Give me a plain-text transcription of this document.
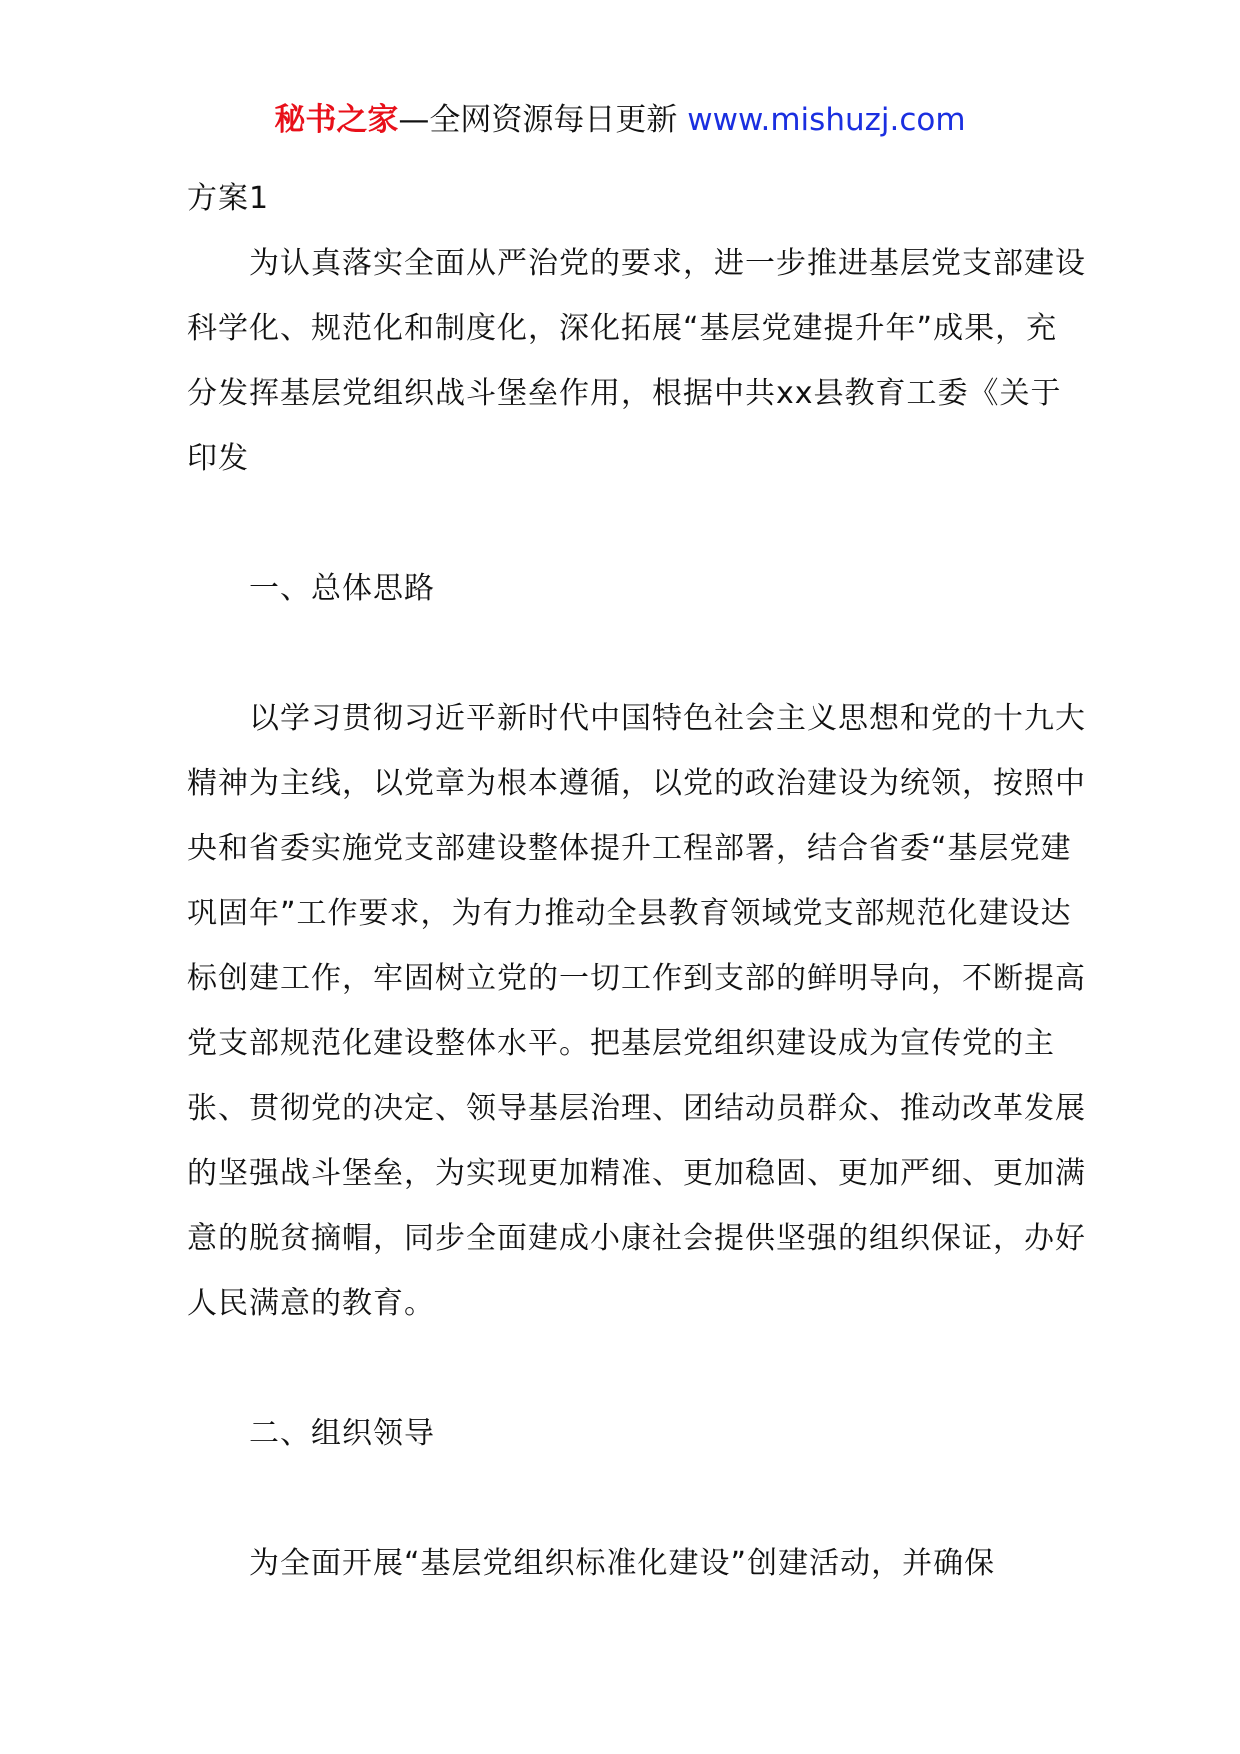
秘书之家—全网资源每日更新 www.mishuzj.com

方案1

为认真落实全面从严治党的要求，进一步推进基层党支部建设科学化、规范化和制度化，深化拓展“基层党建提升年”成果，充分发挥基层党组织战斗堡垒作用，根据中共xx县教育工委《关于印发

一、总体思路

以学习贯彻习近平新时代中国特色社会主义思想和党的十九大精神为主线，以党章为根本遵循，以党的政治建设为统领，按照中央和省委实施党支部建设整体提升工程部署，结合省委“基层党建巩固年”工作要求，为有力推动全县教育领域党支部规范化建设达标创建工作，牢固树立党的一切工作到支部的鲜明导向，不断提高党支部规范化建设整体水平。把基层党组织建设成为宣传党的主张、贯彻党的决定、领导基层治理、团结动员群众、推动改革发展的坚强战斗堡垒，为实现更加精准、更加稳固、更加严细、更加满意的脱贫摘帽，同步全面建成小康社会提供坚强的组织保证，办好人民满意的教育。

二、组织领导

为全面开展“基层党组织标准化建设”创建活动，并确保
